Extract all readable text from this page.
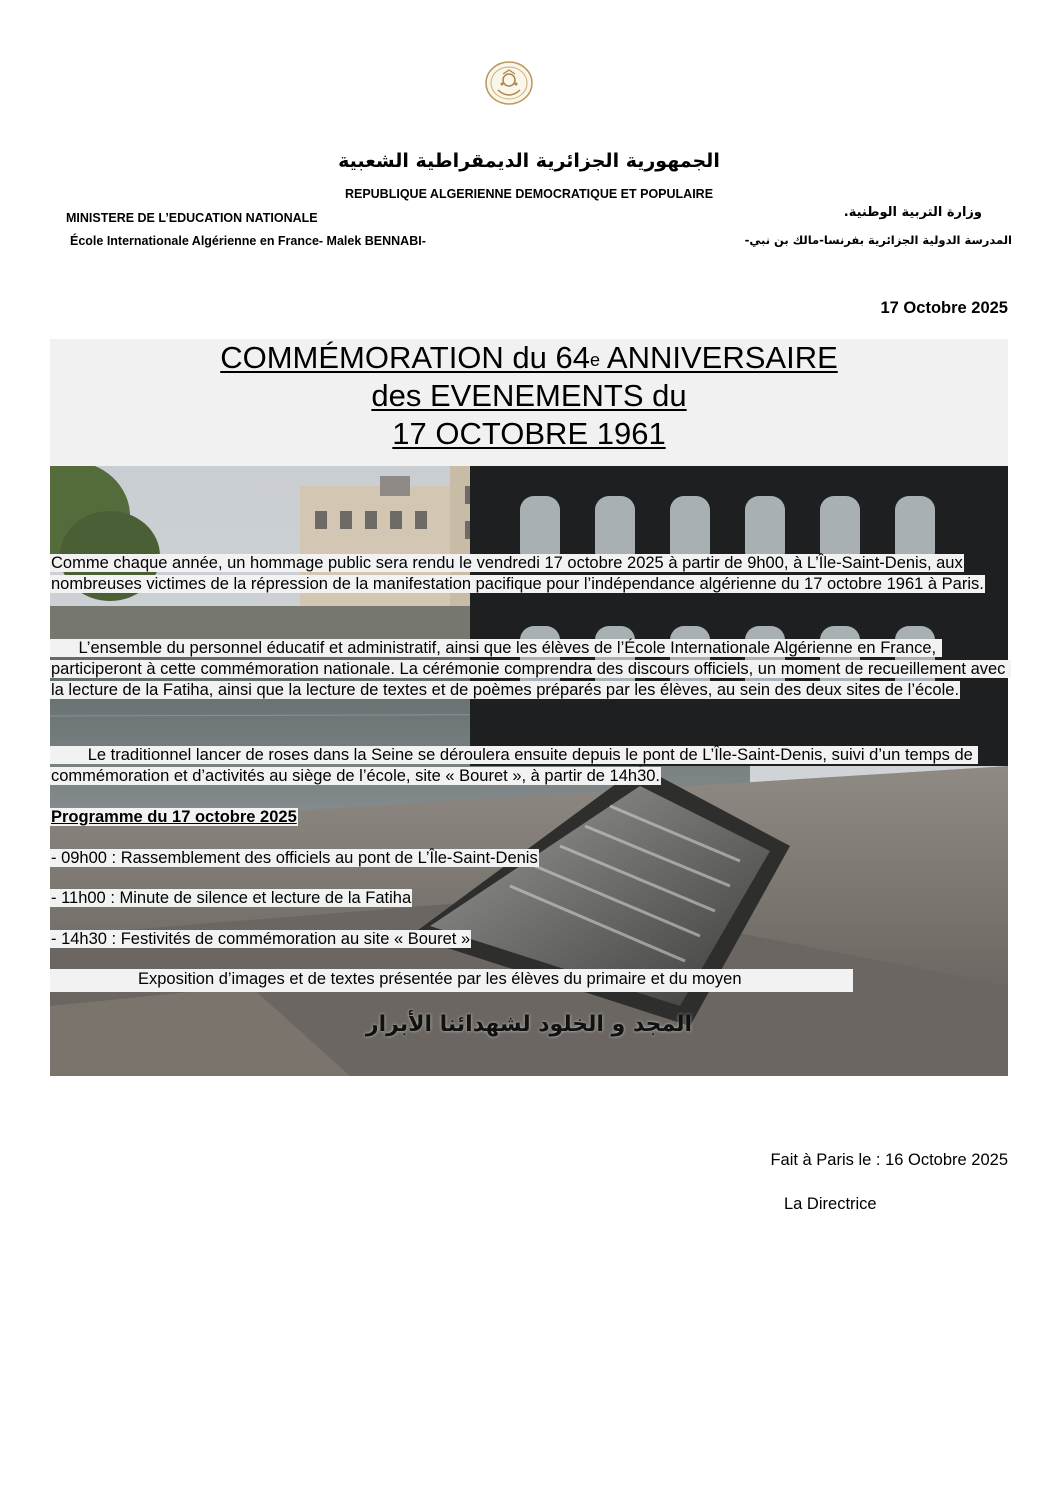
الجمهورية الجزائرية الديمقراطية الشعبية
REPUBLIQUE ALGERIENNE DEMOCRATIQUE ET POPULAIRE
MINISTERE DE L’EDUCATION NATIONALE
École Internationale Algérienne en France- Malek BENNABI-
وزارة التربية الوطنية.
المدرسة الدولية الجزائرية بفرنسا-مالك بن نبي-
17 Octobre 2025
COMMÉMORATION du 64e ANNIVERSAIRE
des EVENEMENTS du
17 OCTOBRE 1961
Comme chaque année, un hommage public sera rendu le vendredi 17 octobre 2025 à partir de 9h00, à L’Île-Saint-Denis, aux nombreuses victimes de la répression de la manifestation pacifique pour l’indépendance algérienne du 17 octobre 1961 à Paris.
L’ensemble du personnel éducatif et administratif, ainsi que les élèves de l’École Internationale Algérienne en France, participeront à cette commémoration nationale. La cérémonie comprendra des discours officiels, un moment de recueillement avec la lecture de la Fatiha, ainsi que la lecture de textes et de poèmes préparés par les élèves, au sein des deux sites de l’école.
Le traditionnel lancer de roses dans la Seine se déroulera ensuite depuis le pont de L’Île-Saint-Denis, suivi d’un temps de commémoration et d’activités au siège de l’école, site « Bouret », à partir de 14h30.
Programme du 17 octobre 2025
- 09h00 : Rassemblement des officiels au pont de L’Île-Saint-Denis
- 11h00 : Minute de silence et lecture de la Fatiha
- 14h30 : Festivités de commémoration au site « Bouret »
Exposition d’images et de textes présentée par les élèves du primaire et du moyen
المجد و الخلود لشهدائنا الأبرار
Fait à Paris le : 16 Octobre 2025
La Directrice
